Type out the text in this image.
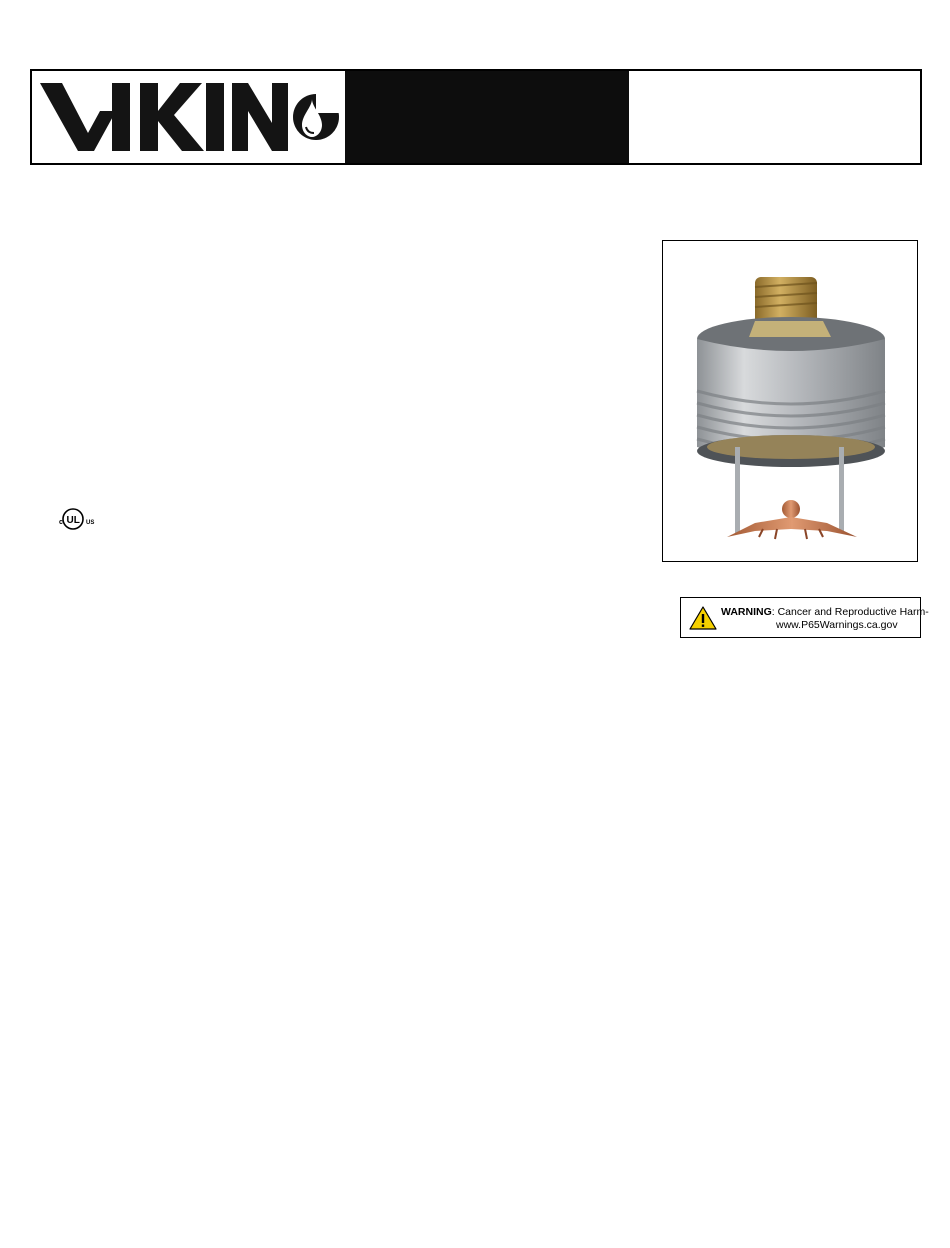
c UL US
WARNING: Cancer and Reproductive Harm-
www.P65Warnings.ca.gov
